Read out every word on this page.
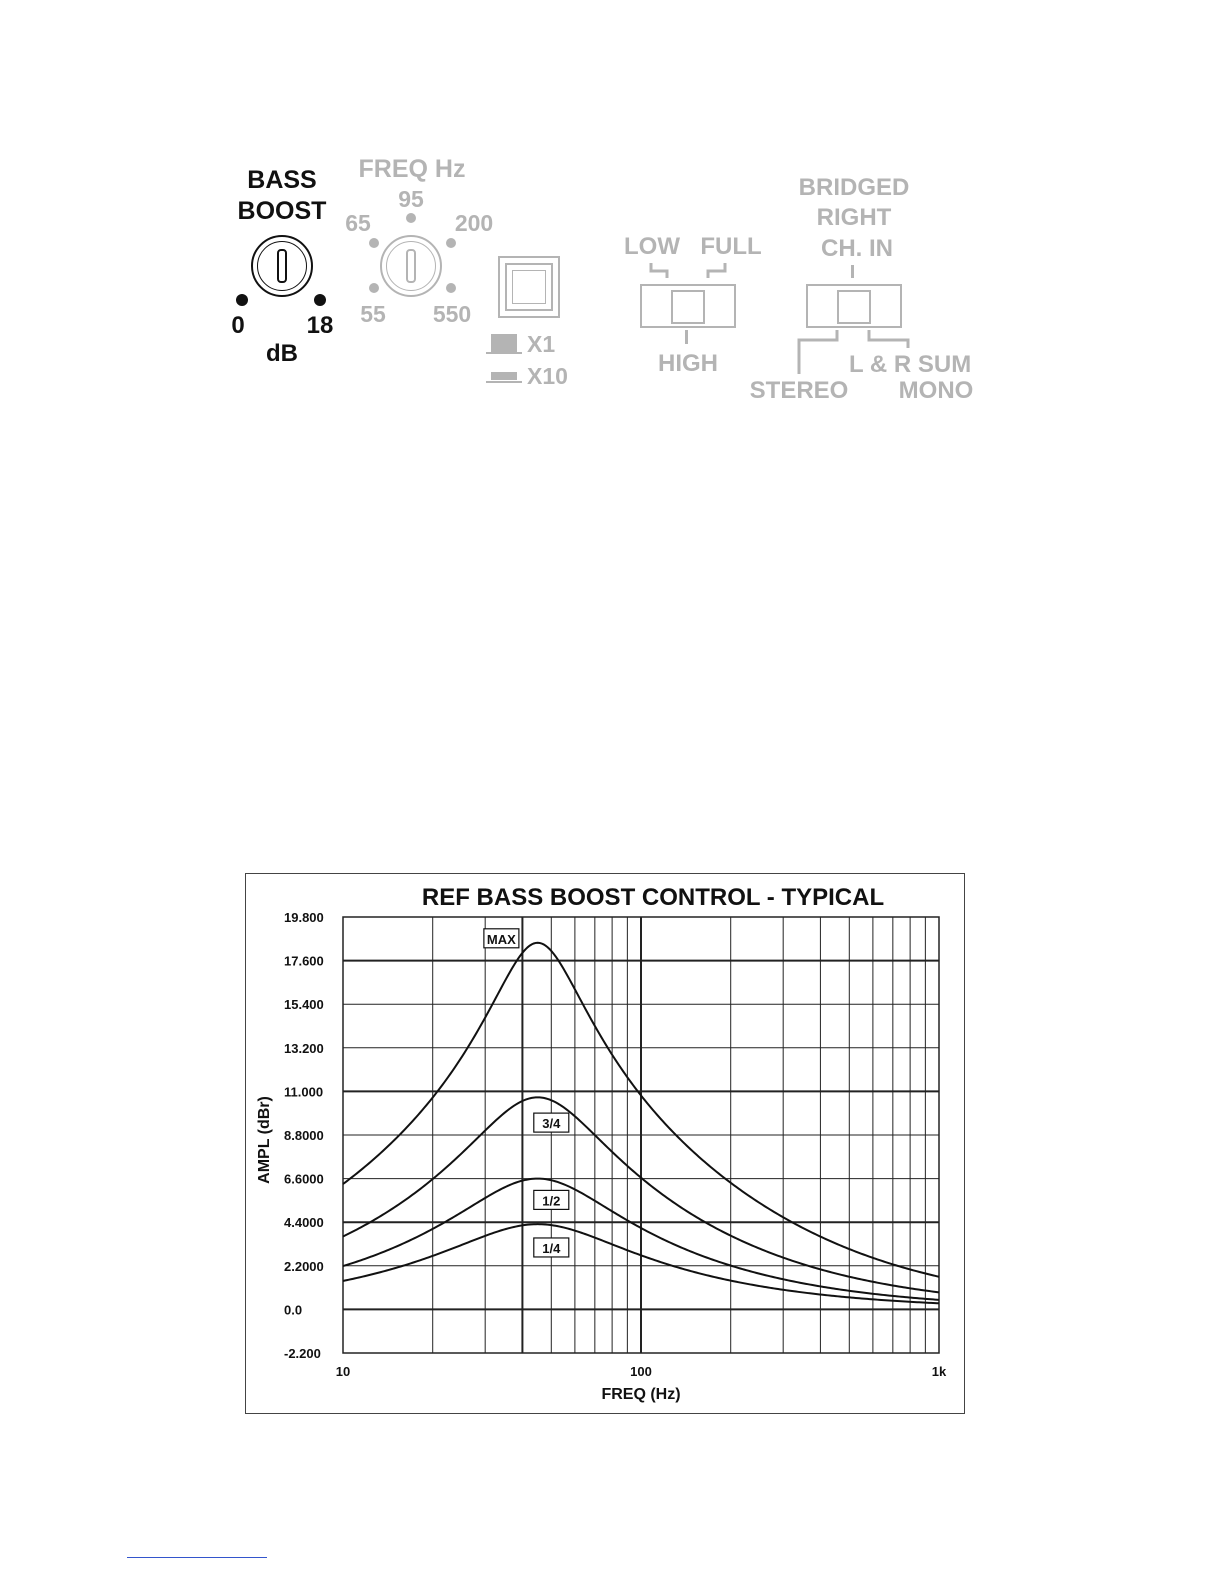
BASS
BOOST
0	18
dB
FREQ Hz
95
65	200
55 550
X1
X10
LOW FULL
HIGH
BRIDGED
RIGHT
CH. IN
L & R SUM
STEREO MONO
-2.200
0.0
2.2000
4.4000
6.6000
8.8000
11.000
13.200
15.400
17.600
19.800
10	100	1k
REF BASS BOOST CONTROL - TYPICAL
FREQ (Hz)
AMPL (dBr)
MAX
3/4
1/2
1/4
